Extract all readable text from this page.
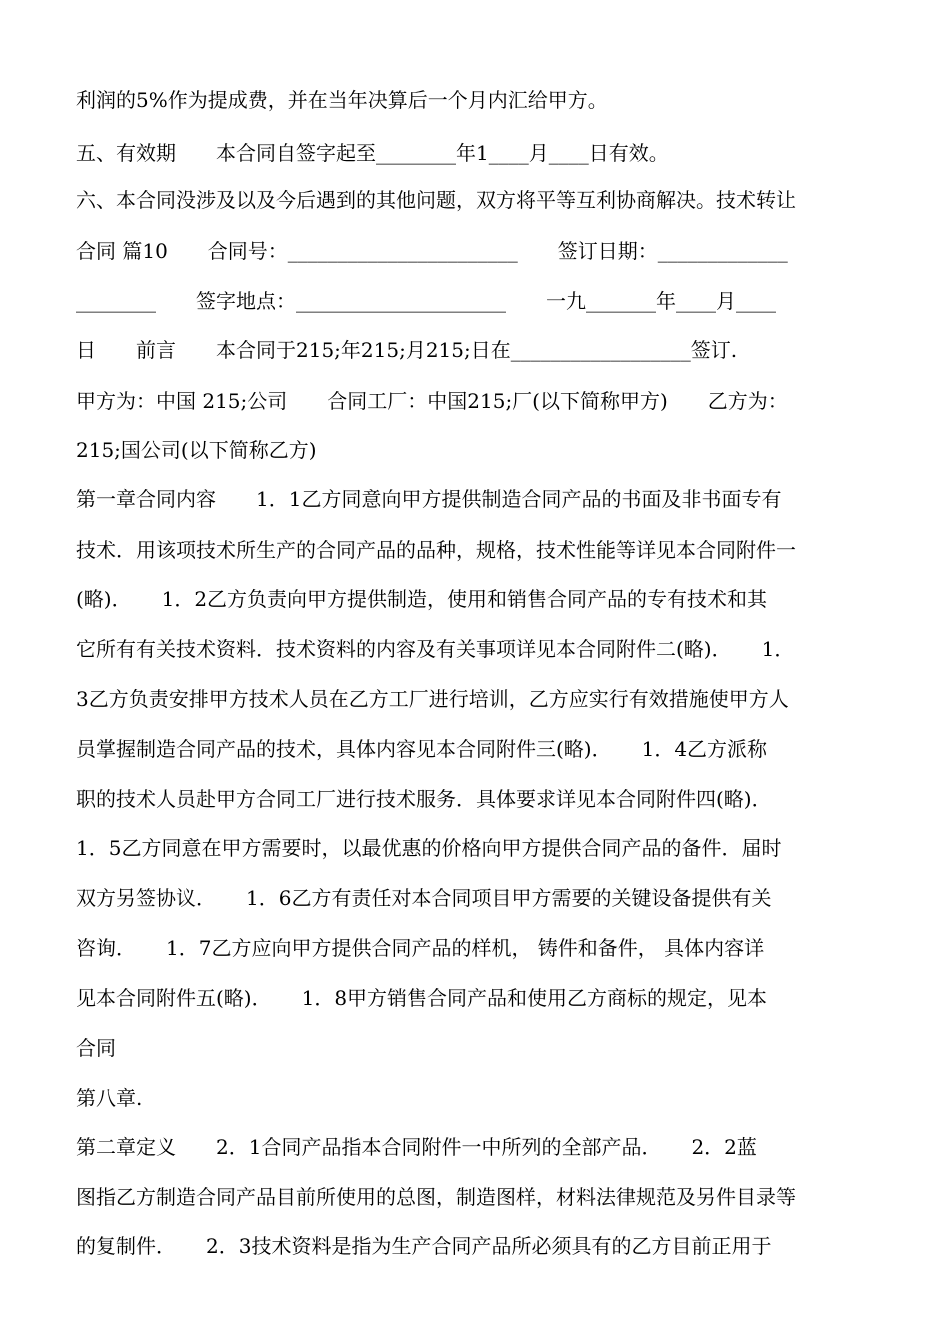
利润的5%作为提成费，并在当年决算后一个月内汇给甲方。
五、有效期　　本合同自签字起至________年1____月____日有效。
六、本合同没涉及以及今后遇到的其他问题，双方将平等互利协商解决。技术转让
合同 篇10　　合同号：_______________________　　签订日期：_____________
________　　签字地点：_____________________　　一九_______年____月____
日　　前言　　本合同于215;年215;月215;日在__________________签订.
甲方为：中国 215;公司　　合同工厂：中国215;厂(以下简称甲方)　　乙方为：
215;国公司(以下简称乙方)
第一章合同内容　　1．1乙方同意向甲方提供制造合同产品的书面及非书面专有
技术．用该项技术所生产的合同产品的品种，规格，技术性能等详见本合同附件一
(略)．　　1．2乙方负责向甲方提供制造，使用和销售合同产品的专有技术和其
它所有有关技术资料．技术资料的内容及有关事项详见本合同附件二(略)．　　1．
3乙方负责安排甲方技术人员在乙方工厂进行培训，乙方应实行有效措施使甲方人
员掌握制造合同产品的技术，具体内容见本合同附件三(略)．　　1．4乙方派称
职的技术人员赴甲方合同工厂进行技术服务．具体要求详见本合同附件四(略)．
1．5乙方同意在甲方需要时，以最优惠的价格向甲方提供合同产品的备件．届时
双方另签协议．　　1．6乙方有责任对本合同项目甲方需要的关键设备提供有关
咨询．　　1．7乙方应向甲方提供合同产品的样机， 铸件和备件， 具体内容详
见本合同附件五(略)．　　1．8甲方销售合同产品和使用乙方商标的规定，见本
合同
第八章.
第二章定义　　2．1合同产品指本合同附件一中所列的全部产品．　　2．2蓝
图指乙方制造合同产品目前所使用的总图，制造图样，材料法律规范及另件目录等
的复制件．　　2．3技术资料是指为生产合同产品所必须具有的乙方目前正用于
